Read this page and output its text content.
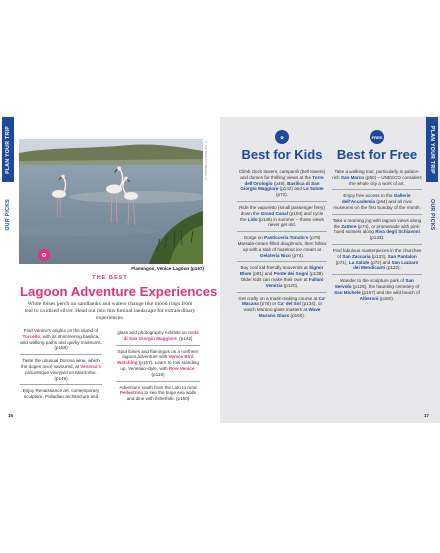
PLAN YOUR TRIP
OUR PICKS
© FOTO/GETTY IMAGES ©
Flamingos, Venice Lagoon (p167)
THE BEST
Lagoon Adventure Experiences
White ibises perch on sandbanks and waters change like mood rings from teal to oxidised silver. Head out into this liminal landscape for extraordinary experiences.
Find Venice's origins on the island of Torcello, with its shimmering basilica, wild walking paths and quirky museums. (p158)
Taste the unusual Dorona wine, which the doges once savoured, at Venissa's picturesque vineyard on Mazzorbo. (p149)
Enjoy Renaissance art, contemporary sculpture, Palladian architecture and
glass and photography exhibits on Isola di San Giorgio Maggiore. (p142)
Spot ibises and flamingos on a northern lagoon adventure with Venice Bird Watching (p167). Learn to row standing up, Venetian-style, with Row Venice. (p119)
Adventure south from the Lido to rural Pellestrina to see the huge sea walls and dine with fisherfolk. (p150)
16
✿
Best for Kids
FREE
Best for Free
Climb clock towers, campanili (bell towers) and domes for thrilling views at the Torre dell'Orologio (p49), Basilica di San Giorgio Maggiore (p142) and La Salute (p72).
Ride the vaporetto (small passenger ferry) down the Grand Canal (p104) and cycle the Lido (p146) in summer – those views never get old.
Gorge on Pasticceria Tonolo's (p79) Marsala-cream-filled doughnuts, then follow up with a slab of hazelnut ice cream at Gelateria Nico (p74).
Buy cool kid-friendly souvenirs at Signor Blum (p81) and Ponte dei Sogni (p139). Older kids can make their own at Fallani Venezia (p120).
Get crafty on a mask-making course at Ca' Macana (p76) or Ca' del Sol (p134), or watch Murano glass masters at Wave Murano Glass (p160).
Take a walking tour, particularly in palace-rich San Marco (p50) – UNESCO considers the whole city a work of art.
Enjoy free access to the Gallerie dell'Accademia (p64) and all civic museums on the first Sunday of the month.
Take a morning jog with lagoon views along the Zattere (p74), or promenade with pink-hued sunsets along Riva degli Schiavoni (p133).
Find fabulous masterpieces in the churches of San Zaccaria (p133), San Pantalon (p71), La Salute (p72) and San Lazzaro dei Mendicanti (p122).
Wander to the sculpture park of San Servolo (p126), the haunting cemetery of San Michele (p167) and the wild beach of Alberoni (p150).
PLAN YOUR TRIP
OUR PICKS
17
